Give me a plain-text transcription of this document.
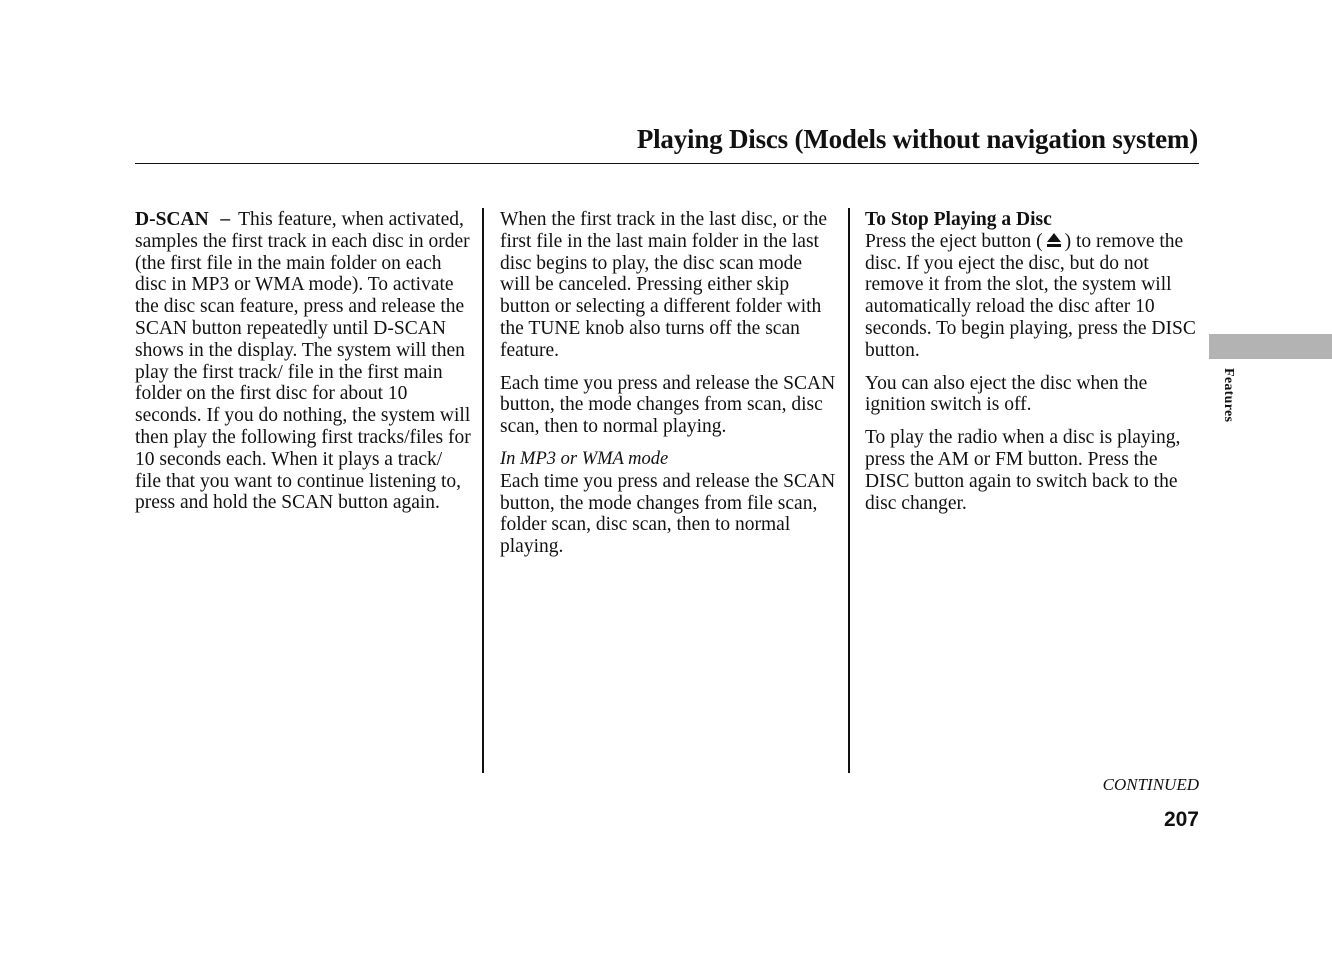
Playing Discs (Models without navigation system)

D-SCAN − This feature, when activated, samples the first track in each disc in order (the first file in the main folder on each disc in MP3 or WMA mode). To activate the disc scan feature, press and release the SCAN button repeatedly until D-SCAN shows in the display. The system will then play the first track/ file in the first main folder on the first disc for about 10 seconds. If you do nothing, the system will then play the following first tracks/files for 10 seconds each. When it plays a track/ file that you want to continue listening to, press and hold the SCAN button again.

When the first track in the last disc, or the first file in the last main folder in the last disc begins to play, the disc scan mode will be canceled. Pressing either skip button or selecting a different folder with the TUNE knob also turns off the scan feature.

Each time you press and release the SCAN button, the mode changes from scan, disc scan, then to normal playing.

In MP3 or WMA mode
Each time you press and release the SCAN button, the mode changes from file scan, folder scan, disc scan, then to normal playing.

To Stop Playing a Disc
Press the eject button ( ) to remove the disc. If you eject the disc, but do not remove it from the slot, the system will automatically reload the disc after 10 seconds. To begin playing, press the DISC button.

You can also eject the disc when the ignition switch is off.

To play the radio when a disc is playing, press the AM or FM button. Press the DISC button again to switch back to the disc changer.

Features
CONTINUED
207
